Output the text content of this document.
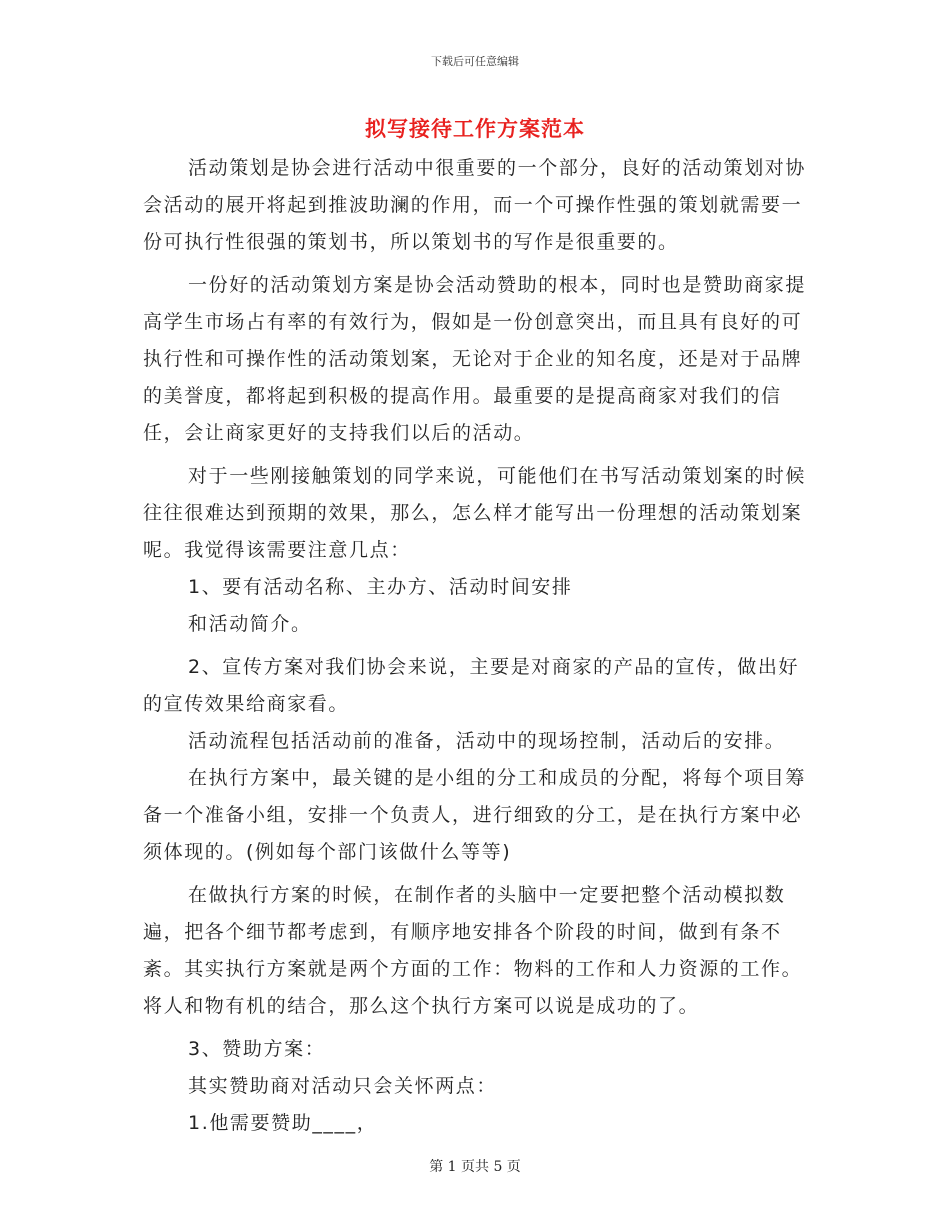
下载后可任意编辑
拟写接待工作方案范本

活动策划是协会进行活动中很重要的一个部分，良好的活动策划对协会活动的展开将起到推波助澜的作用，而一个可操作性强的策划就需要一份可执行性很强的策划书，所以策划书的写作是很重要的。

一份好的活动策划方案是协会活动赞助的根本，同时也是赞助商家提高学生市场占有率的有效行为，假如是一份创意突出，而且具有良好的可执行性和可操作性的活动策划案，无论对于企业的知名度，还是对于品牌的美誉度，都将起到积极的提高作用。最重要的是提高商家对我们的信任，会让商家更好的支持我们以后的活动。

对于一些刚接触策划的同学来说，可能他们在书写活动策划案的时候往往很难达到预期的效果，那么，怎么样才能写出一份理想的活动策划案呢。我觉得该需要注意几点：

1、要有活动名称、主办方、活动时间安排

和活动简介。

2、宣传方案对我们协会来说，主要是对商家的产品的宣传，做出好的宣传效果给商家看。

活动流程包括活动前的准备，活动中的现场控制，活动后的安排。

在执行方案中，最关键的是小组的分工和成员的分配，将每个项目筹备一个准备小组，安排一个负责人，进行细致的分工，是在执行方案中必须体现的。(例如每个部门该做什么等等)

在做执行方案的时候，在制作者的头脑中一定要把整个活动模拟数遍，把各个细节都考虑到，有顺序地安排各个阶段的时间，做到有条不紊。其实执行方案就是两个方面的工作：物料的工作和人力资源的工作。将人和物有机的结合，那么这个执行方案可以说是成功的了。

3、赞助方案：

其实赞助商对活动只会关怀两点：

1.他需要赞助____，

第 1 页共 5 页
